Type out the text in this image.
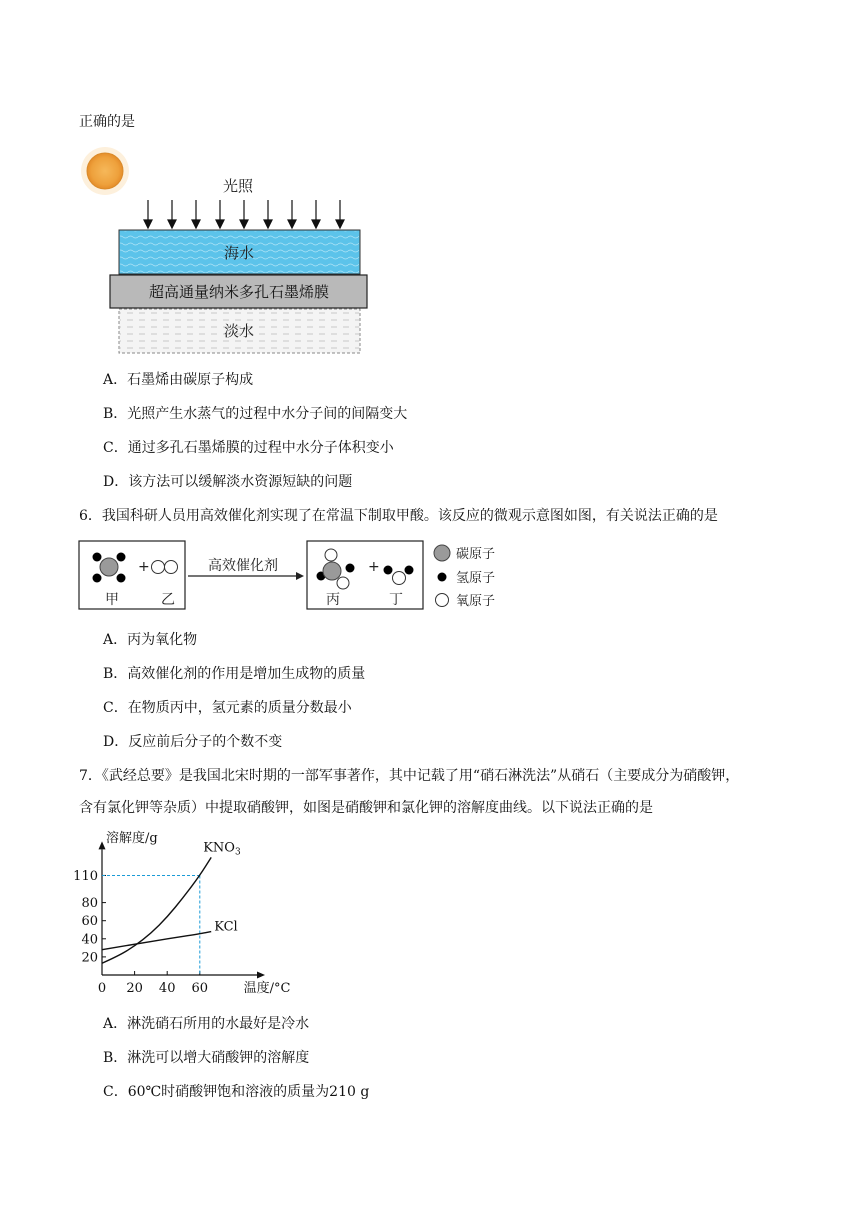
正确的是
光照
海水
超高通量纳米多孔石墨烯膜
淡水
A．石墨烯由碳原子构成
B．光照产生水蒸气的过程中水分子间的间隔变大
C．通过多孔石墨烯膜的过程中水分子体积变小
D．该方法可以缓解淡水资源短缺的问题
6．我国科研人员用高效催化剂实现了在常温下制取甲酸。该反应的微观示意图如图，有关说法正确的是
+
甲	乙
高效催化剂	+
丙	丁
碳原子
氢原子
氧原子
A．丙为氧化物
B．高效催化剂的作用是增加生成物的质量
C．在物质丙中，氢元素的质量分数最小
D．反应前后分子的个数不变
7．《武经总要》是我国北宋时期的一部军事著作，其中记载了用“硝石淋洗法”从硝石（主要成分为硝酸钾，
含有氯化钾等杂质）中提取硝酸钾，如图是硝酸钾和氯化钾的溶解度曲线。以下说法正确的是
20
40
60
80
110
0 20 40 60
溶解度/g
温度/°C
$KNO_3$
KCl
A．淋洗硝石所用的水最好是冷水
B．淋洗可以增大硝酸钾的溶解度
C．60℃时硝酸钾饱和溶液的质量为210 g
